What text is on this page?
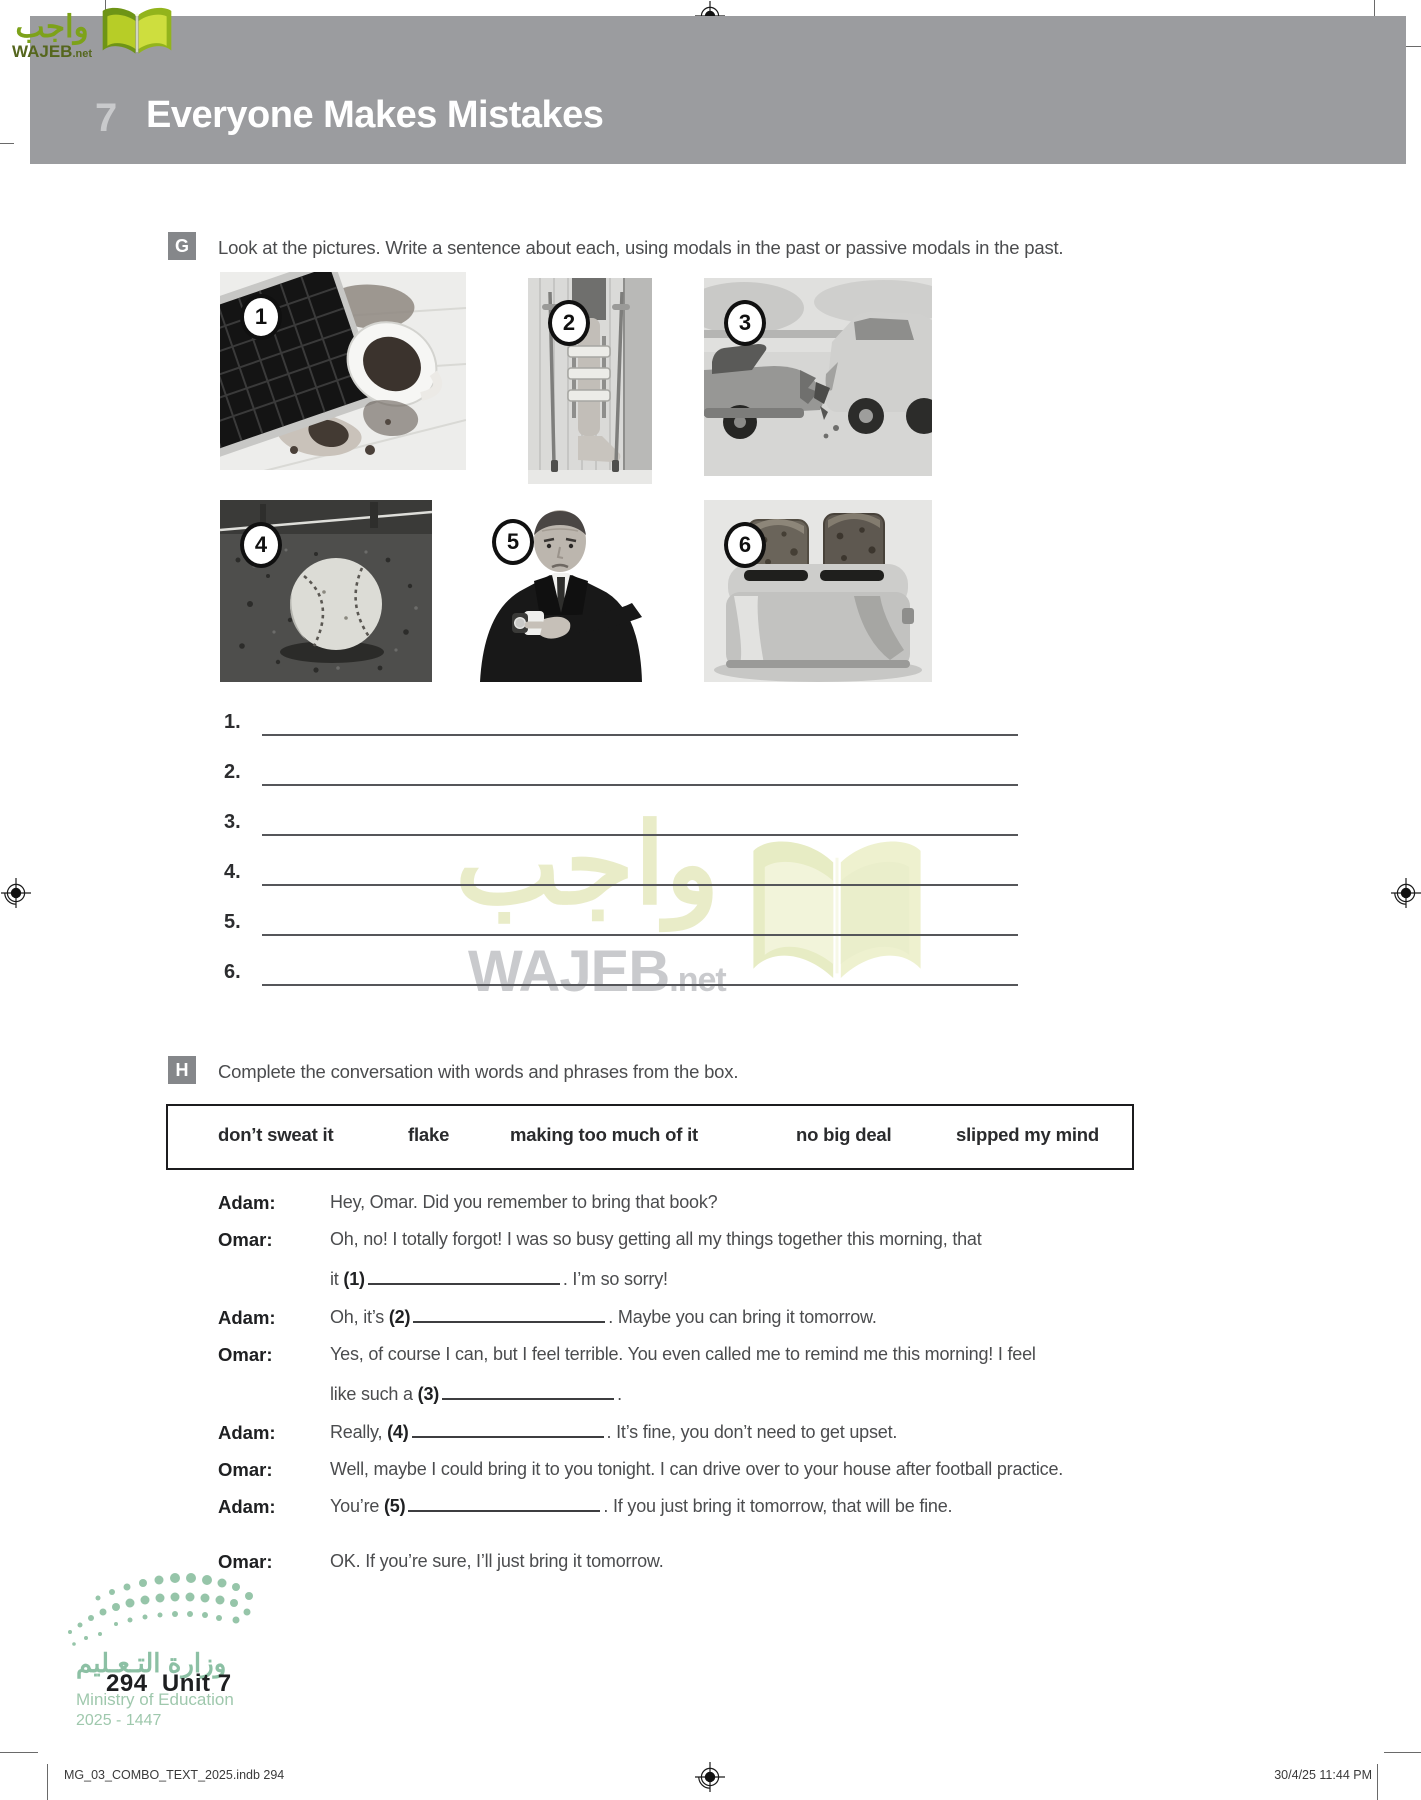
واجب
WAJEB.net
7 Everyone Makes Mistakes
واجب
WAJEB.net
G	Look at the pictures. Write a sentence about each, using modals in the past or passive modals in the past.
1	2	3
4	5	6
1.
2.
3.
4.
5.
6.
H	Complete the conversation with words and phrases from the box.
don’t sweat it	flake	making too much of it	no big deal	slipped my mind
Adam:	Hey, Omar. Did you remember to bring that book?
Omar:	Oh, no! I totally forgot! I was so busy getting all my things together this morning, that
it (1)	. I’m so sorry!
Adam:	Oh, it’s (2)	. Maybe you can bring it tomorrow.
Omar:	Yes, of course I can, but I feel terrible. You even called me to remind me this morning! I feel
like such a (3)	.
Adam:	Really, (4)	. It’s fine, you don’t need to get upset.
Omar:	Well, maybe I could bring it to you tonight. I can drive over to your house after football practice.
Adam:	You’re (5)	. If you just bring it tomorrow, that will be fine.
Omar:	OK. If you’re sure, I’ll just bring it tomorrow.
وزارة التـعـليم
Ministry of Education
2025 - 1447
294 Unit 7
MG_03_COMBO_TEXT_2025.indb 294	30/4/25 11:44 PM
